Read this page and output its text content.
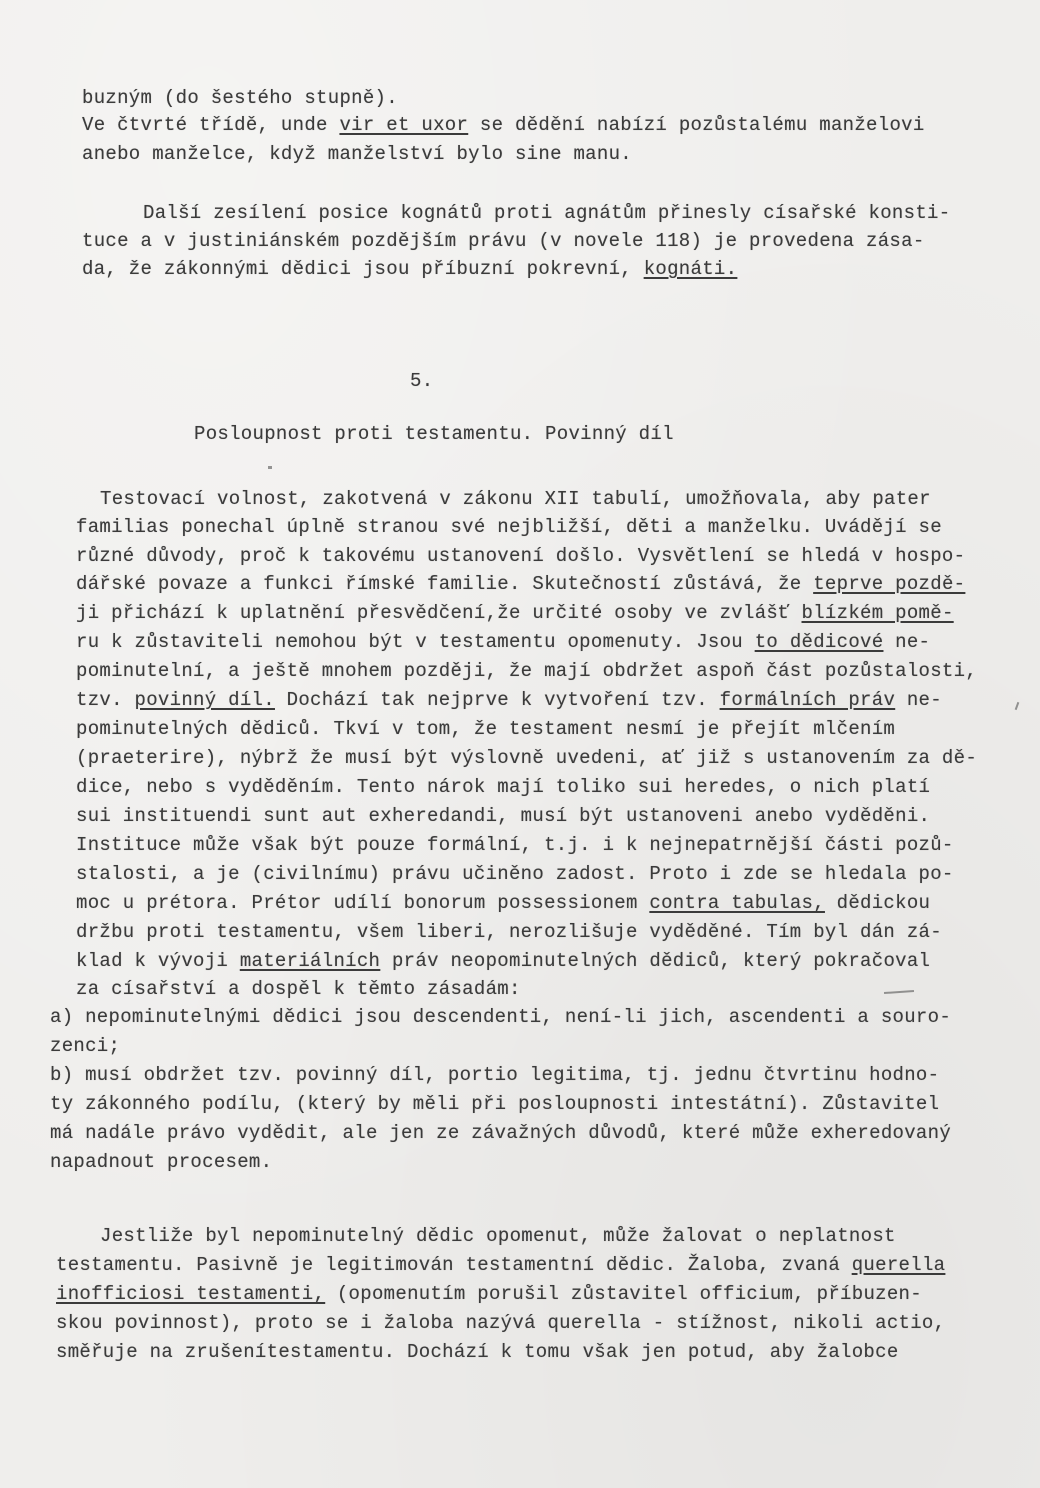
buzným (do šestého stupně).
Ve čtvrté třídě, unde vir et uxor se dědění nabízí pozůstalému manželovi
anebo manželce, když manželství bylo sine manu.
Další zesílení posice kognátů proti agnátům přinesly císařské konsti-
tuce a v justiniánském pozdějším právu (v novele 118) je provedena zása-
da, že zákonnými dědici jsou příbuzní pokrevní, kognáti.
5.
Posloupnost proti testamentu. Povinný díl
Testovací volnost, zakotvená v zákonu XII tabulí, umožňovala, aby pater
familias ponechal úplně stranou své nejbližší, děti a manželku. Uvádějí se
různé důvody, proč k takovému ustanovení došlo. Vysvětlení se hledá v hospo-
dářské povaze a funkci římské familie. Skutečností zůstává, že teprve pozdě-
ji přichází k uplatnění přesvědčení,že určité osoby ve zvlášť blízkém pomě-
ru k zůstaviteli nemohou být v testamentu opomenuty. Jsou to dědicové ne-
pominutelní, a ještě mnohem později, že mají obdržet aspoň část pozůstalosti,
tzv. povinný díl. Dochází tak nejprve k vytvoření tzv. formálních práv ne-
pominutelných dědiců. Tkví v tom, že testament nesmí je přejít mlčením
(praeterire), nýbrž že musí být výslovně uvedeni, ať již s ustanovením za dě-
dice, nebo s vyděděním. Tento nárok mají toliko sui heredes, o nich platí
sui instituendi sunt aut exheredandi, musí být ustanoveni anebo vyděděni.
Instituce může však být pouze formální, t.j. i k nejnepatrnější části pozů-
stalosti, a je (civilnímu) právu učiněno zadost. Proto i zde se hledala po-
moc u prétora. Prétor udílí bonorum possessionem contra tabulas, dědickou
držbu proti testamentu, všem liberi, nerozlišuje vyděděné. Tím byl dán zá-
klad k vývoji materiálních práv neopominutelných dědiců, který pokračoval
za císařství a dospěl k těmto zásadám:
a) nepominutelnými dědici jsou descendenti, není-li jich, ascendenti a souro-
zenci;
b) musí obdržet tzv. povinný díl, portio legitima, tj. jednu čtvrtinu hodno-
ty zákonného podílu, (který by měli při posloupnosti intestátní). Zůstavitel
má nadále právo vydědit, ale jen ze závažných důvodů, které může exheredovaný
napadnout procesem.
Jestliže byl nepominutelný dědic opomenut, může žalovat o neplatnost
testamentu. Pasivně je legitimován testamentní dědic. Žaloba, zvaná querella
inofficiosi testamenti, (opomenutím porušil zůstavitel officium, příbuzen-
skou povinnost), proto se i žaloba nazývá querella - stížnost, nikoli actio,
směřuje na zrušenítestamentu. Dochází k tomu však jen potud, aby žalobce
